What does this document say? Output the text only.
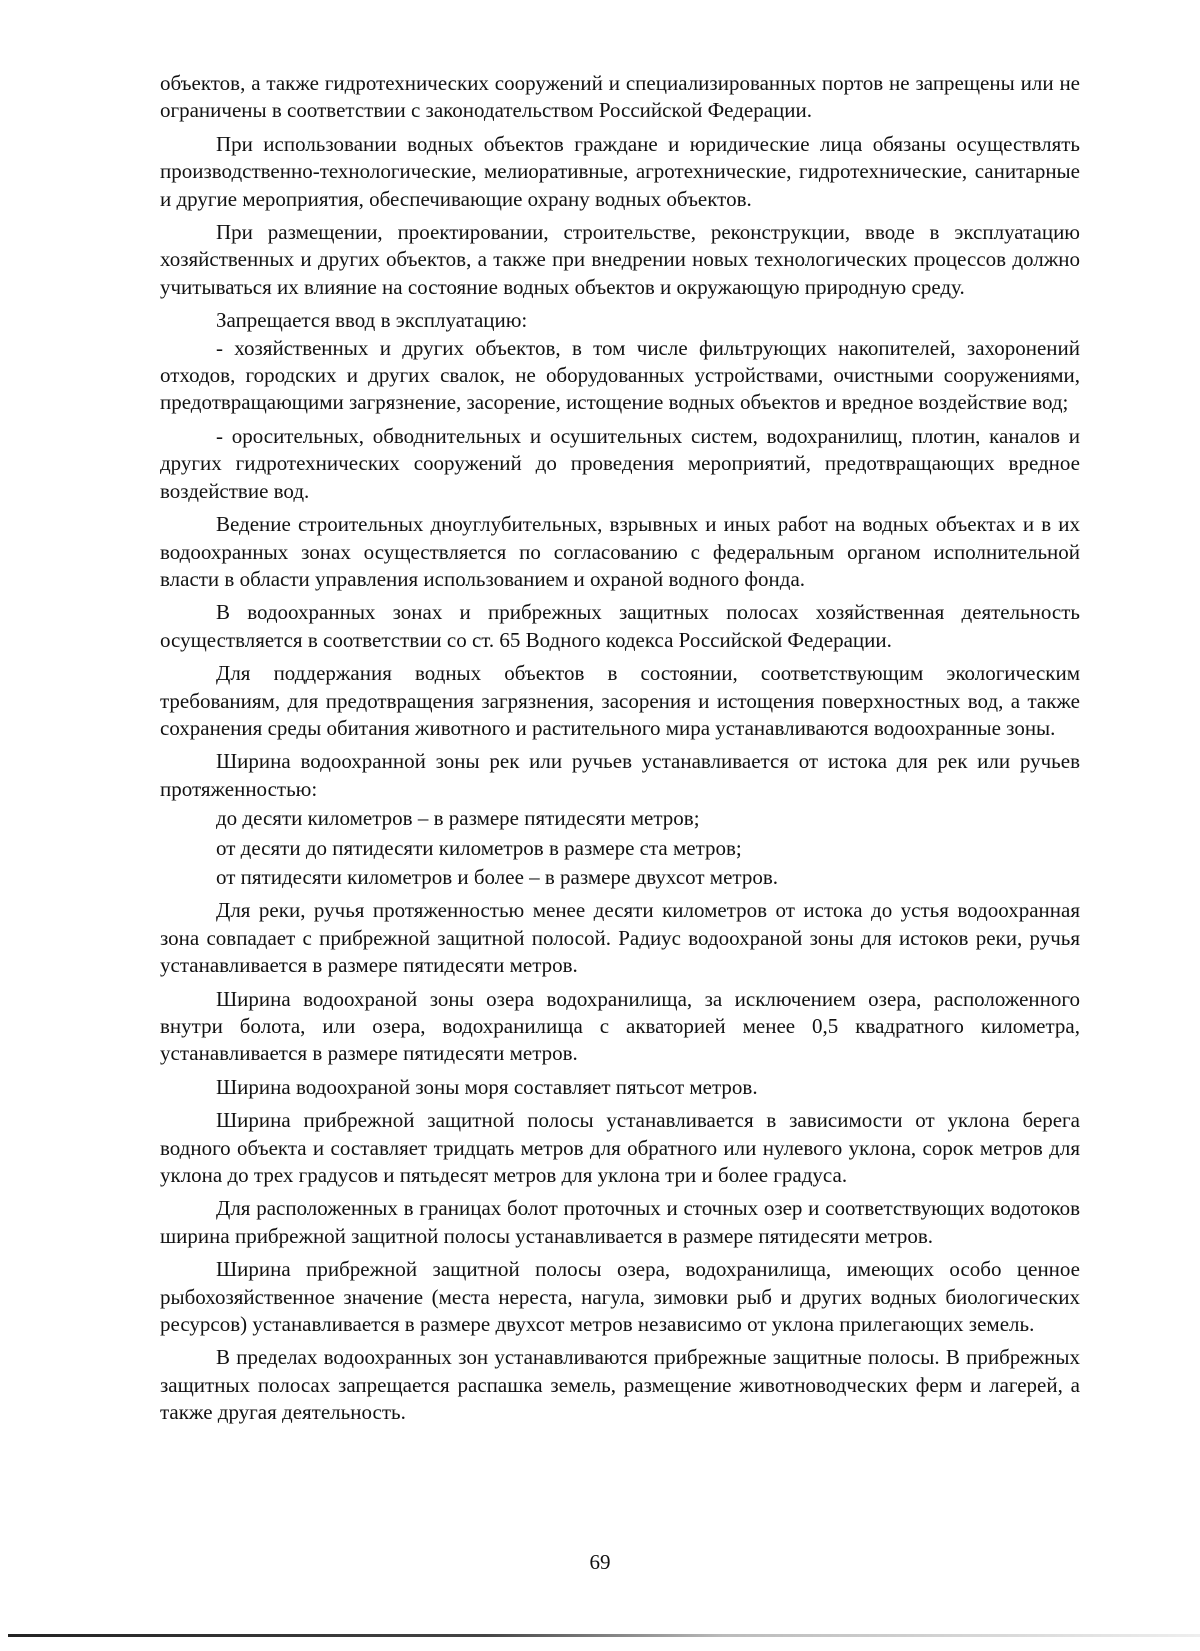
объектов, а также гидротехнических сооружений и специализированных портов не запрещены или не ограничены в соответствии с законодательством Российской Федерации.

При использовании водных объектов граждане и юридические лица обязаны осуществлять производственно-технологические, мелиоративные, агротехнические, гидротехнические, санитарные и другие мероприятия, обеспечивающие охрану водных объектов.

При размещении, проектировании, строительстве, реконструкции, вводе в эксплуатацию хозяйственных и других объектов, а также при внедрении новых технологических процессов должно учитываться их влияние на состояние водных объектов и окружающую природную среду.

Запрещается ввод в эксплуатацию:

- хозяйственных и других объектов, в том числе фильтрующих накопителей, захоронений отходов, городских и других свалок, не оборудованных устройствами, очистными сооружениями, предотвращающими загрязнение, засорение, истощение водных объектов и вредное воздействие вод;

- оросительных, обводнительных и осушительных систем, водохранилищ, плотин, каналов и других гидротехнических сооружений до проведения мероприятий, предотвращающих вредное воздействие вод.

Ведение строительных дноуглубительных, взрывных и иных работ на водных объектах и в их водоохранных зонах осуществляется по согласованию с федеральным органом исполнительной власти в области управления использованием и охраной водного фонда.

В водоохранных зонах и прибрежных защитных полосах хозяйственная деятельность осуществляется в соответствии со ст. 65 Водного кодекса Российской Федерации.

Для поддержания водных объектов в состоянии, соответствующим экологическим требованиям, для предотвращения загрязнения, засорения и истощения поверхностных вод, а также сохранения среды обитания животного и растительного мира устанавливаются водоохранные зоны.

Ширина водоохранной зоны рек или ручьев устанавливается от истока для рек или ручьев протяженностью:

до десяти километров – в размере пятидесяти метров;

от десяти до пятидесяти километров в размере ста метров;

от пятидесяти километров и более – в размере двухсот метров.

Для реки, ручья протяженностью менее десяти километров от истока до устья водоохранная зона совпадает с прибрежной защитной полосой. Радиус водоохраной зоны для истоков реки, ручья устанавливается в размере пятидесяти метров.

Ширина водоохраной зоны озера водохранилища, за исключением озера, расположенного внутри болота, или озера, водохранилища с акваторией менее 0,5 квадратного километра, устанавливается в размере пятидесяти метров.

Ширина водоохраной зоны моря составляет пятьсот метров.

Ширина прибрежной защитной полосы устанавливается в зависимости от уклона берега водного объекта и составляет тридцать метров для обратного или нулевого уклона, сорок метров для уклона до трех градусов и пятьдесят метров для уклона три и более градуса.

Для расположенных в границах болот проточных и сточных озер и соответствующих водотоков ширина прибрежной защитной полосы устанавливается в размере пятидесяти метров.

Ширина прибрежной защитной полосы озера, водохранилища, имеющих особо ценное рыбохозяйственное значение (места нереста, нагула, зимовки рыб и других водных биологических ресурсов) устанавливается в размере двухсот метров независимо от уклона прилегающих земель.

В пределах водоохранных зон устанавливаются прибрежные защитные полосы. В прибрежных защитных полосах запрещается распашка земель, размещение животноводческих ферм и лагерей, а также другая деятельность.

69
